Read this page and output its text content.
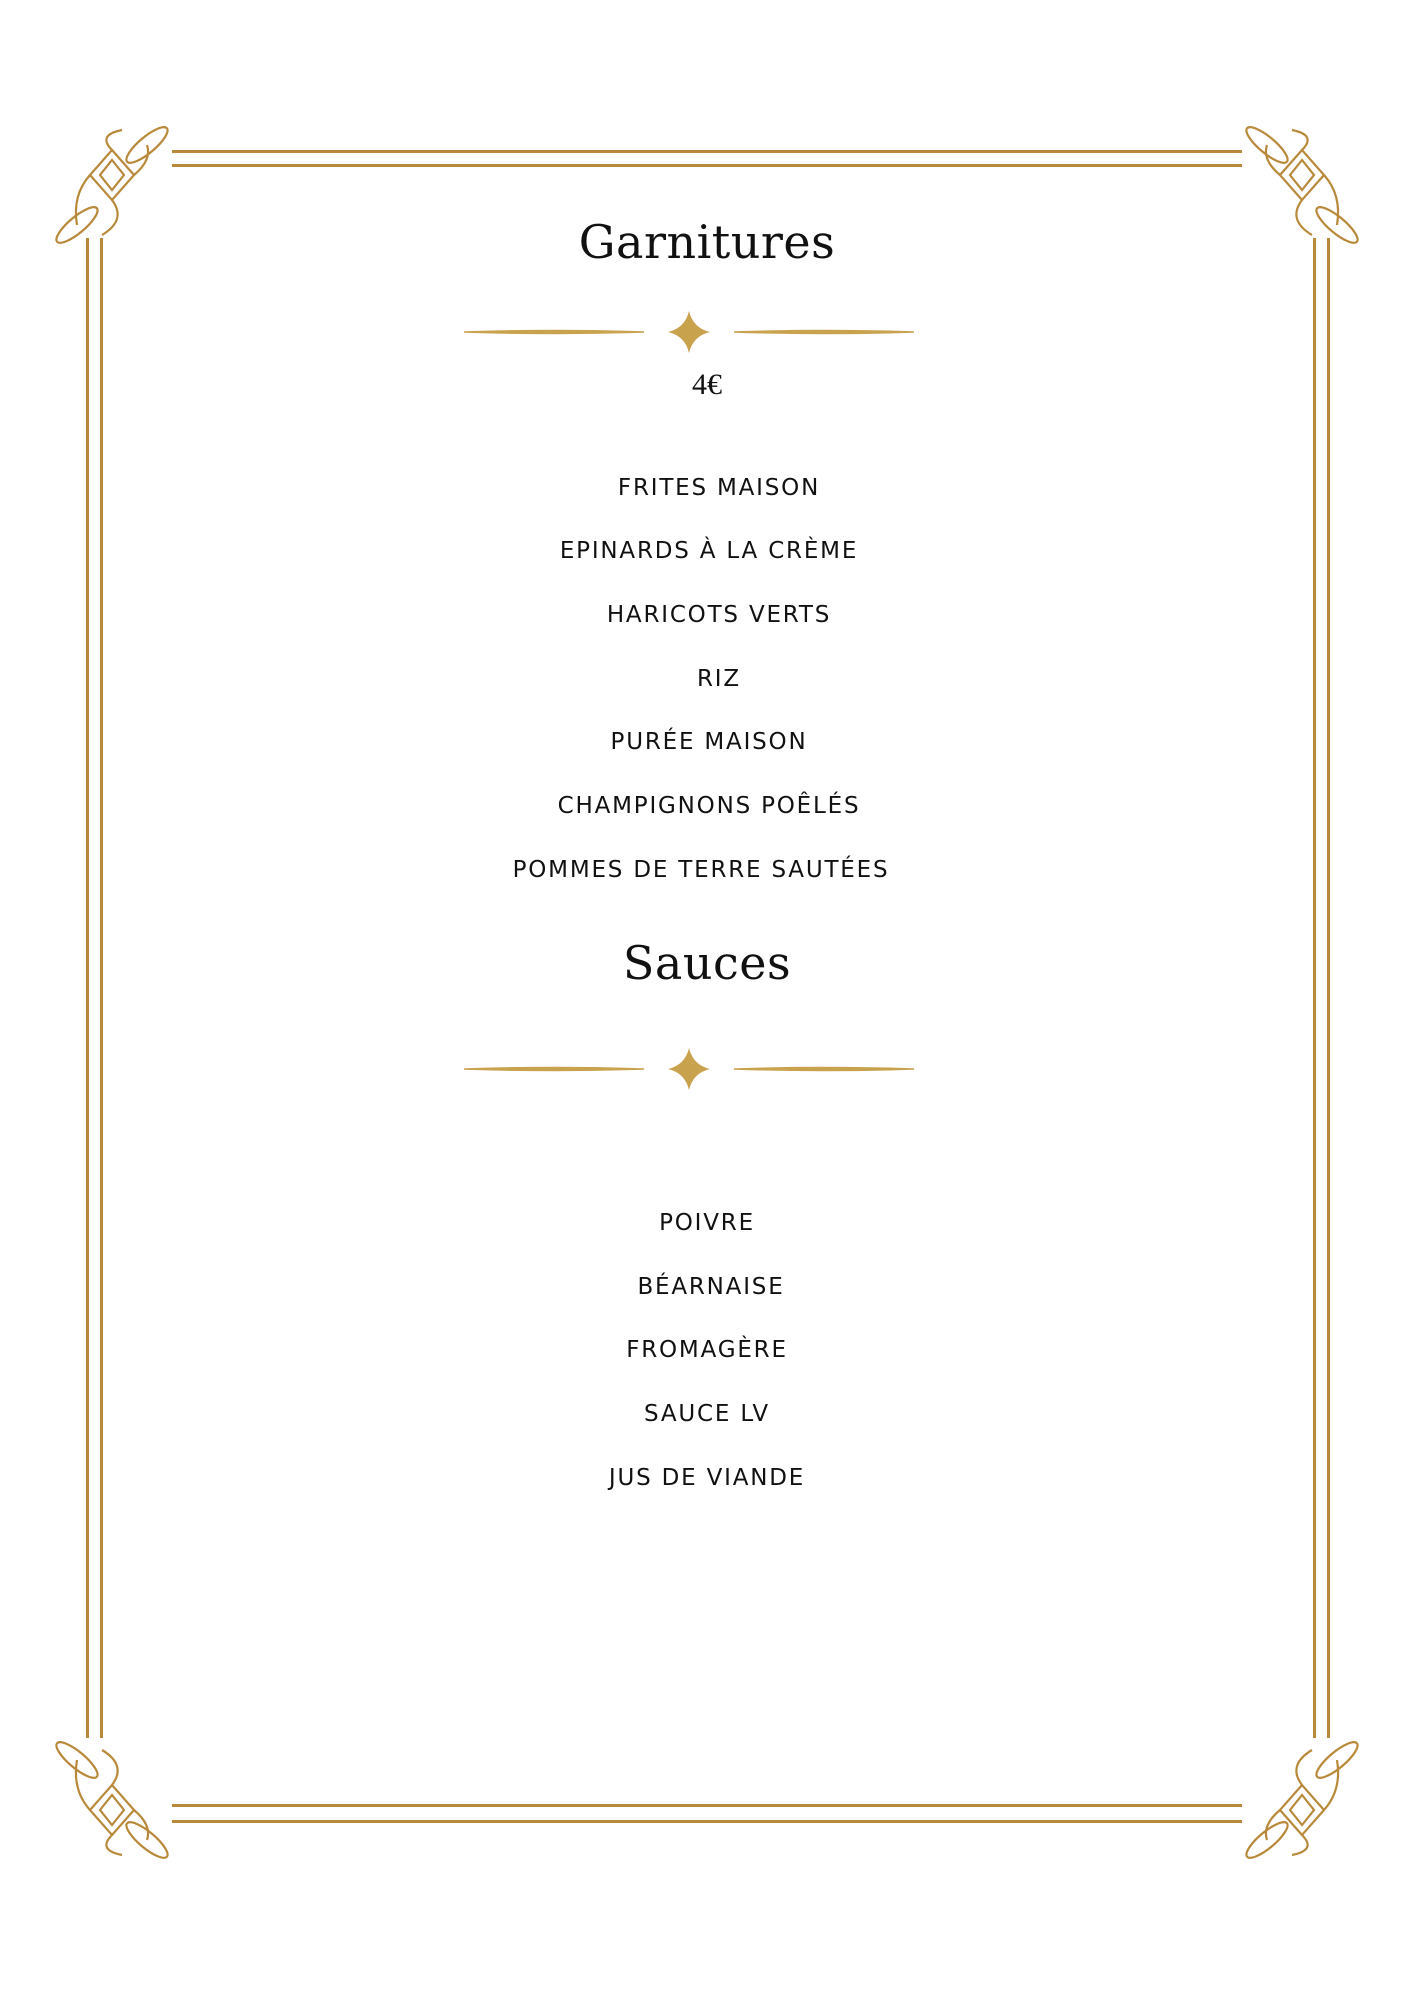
Garnitures
4€
FRITES MAISON
EPINARDS À LA CRÈME
HARICOTS VERTS
RIZ
PURÉE MAISON
CHAMPIGNONS POÊLÉS
POMMES DE TERRE SAUTÉES
Sauces
POIVRE
BÉARNAISE
FROMAGÈRE
SAUCE LV
JUS DE VIANDE
